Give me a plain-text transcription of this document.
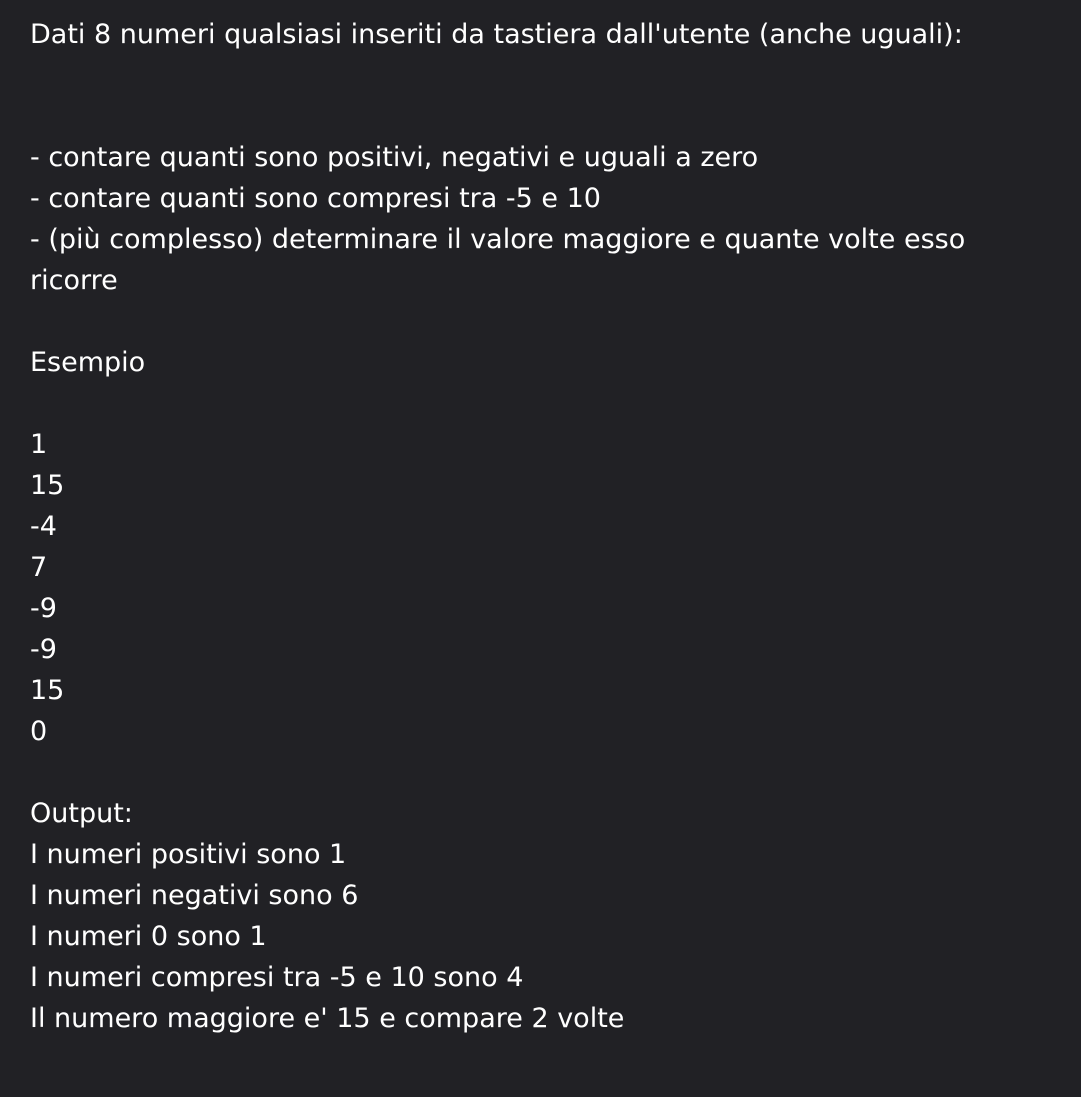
Dati 8 numeri qualsiasi inseriti da tastiera dall'utente (anche uguali):
- contare quanti sono positivi, negativi e uguali a zero
- contare quanti sono compresi tra -5 e 10
- (più complesso) determinare il valore maggiore e quante volte esso ricorre
Esempio
1
15
-4
7
-9
-9
15
0
Output:
I numeri positivi sono 1
I numeri negativi sono 6
I numeri 0 sono 1
I numeri compresi tra -5 e 10 sono 4
Il numero maggiore e' 15 e compare 2 volte
